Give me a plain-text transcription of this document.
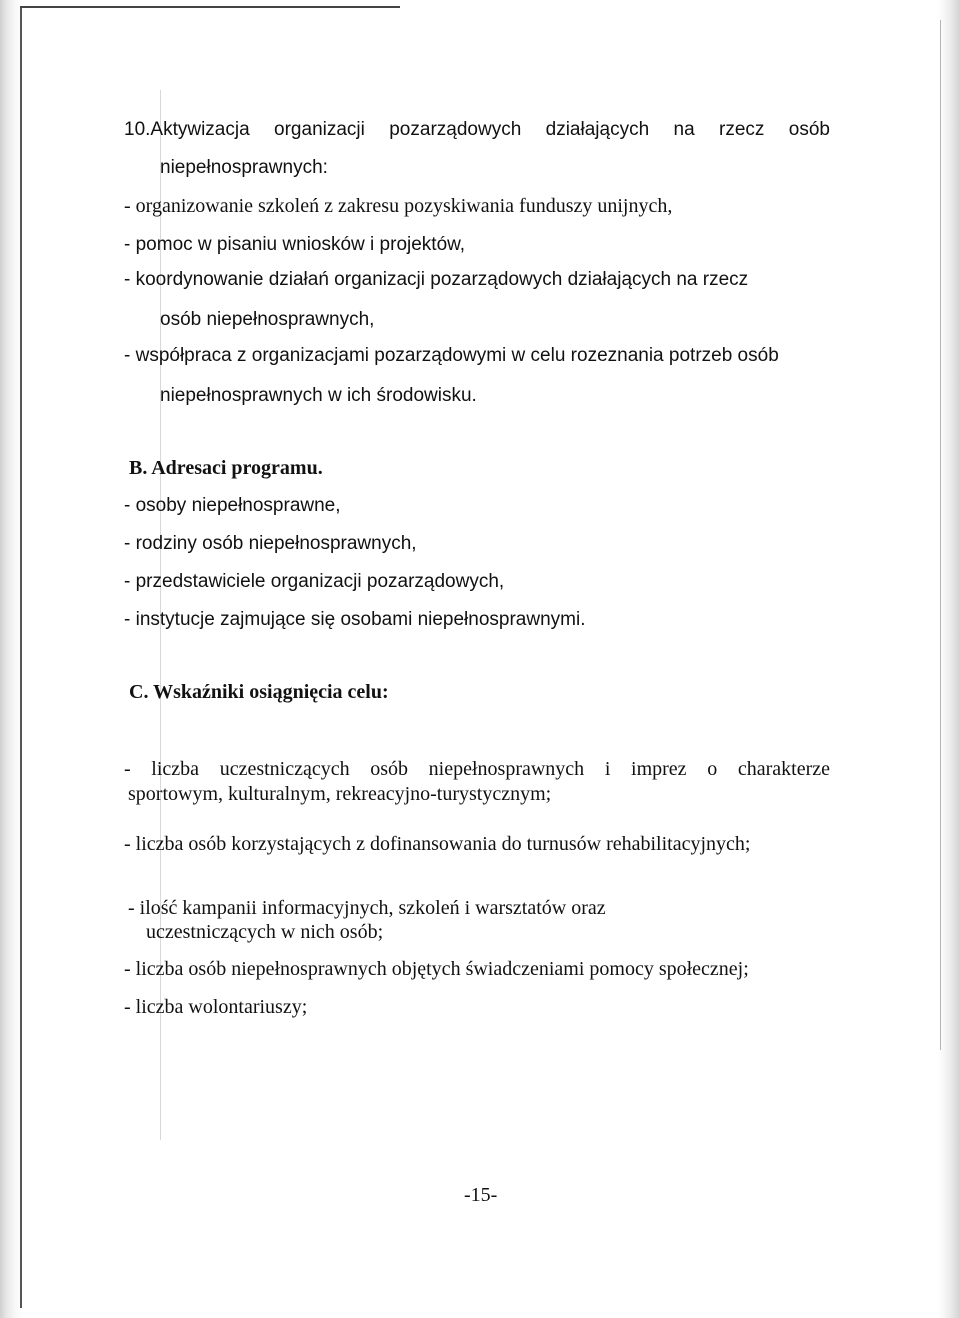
10.Aktywizacja organizacji pozarządowych działających na rzecz osób
niepełnosprawnych:
- organizowanie szkoleń z zakresu pozyskiwania funduszy unijnych,
- pomoc w pisaniu wniosków i projektów,
- koordynowanie działań organizacji pozarządowych działających na rzecz
osób niepełnosprawnych,
- współpraca z organizacjami pozarządowymi w celu rozeznania potrzeb osób
niepełnosprawnych w ich środowisku.
B. Adresaci programu.
- osoby niepełnosprawne,
- rodziny osób niepełnosprawnych,
- przedstawiciele organizacji pozarządowych,
- instytucje zajmujące się osobami niepełnosprawnymi.
C. Wskaźniki osiągnięcia celu:
- liczba uczestniczących osób niepełnosprawnych i imprez o charakterze
sportowym, kulturalnym, rekreacyjno-turystycznym;
- liczba osób korzystających z dofinansowania do turnusów rehabilitacyjnych;
- ilość kampanii informacyjnych, szkoleń i warsztatów oraz
uczestniczących w nich osób;
- liczba osób niepełnosprawnych objętych świadczeniami pomocy społecznej;
- liczba wolontariuszy;
-15-
